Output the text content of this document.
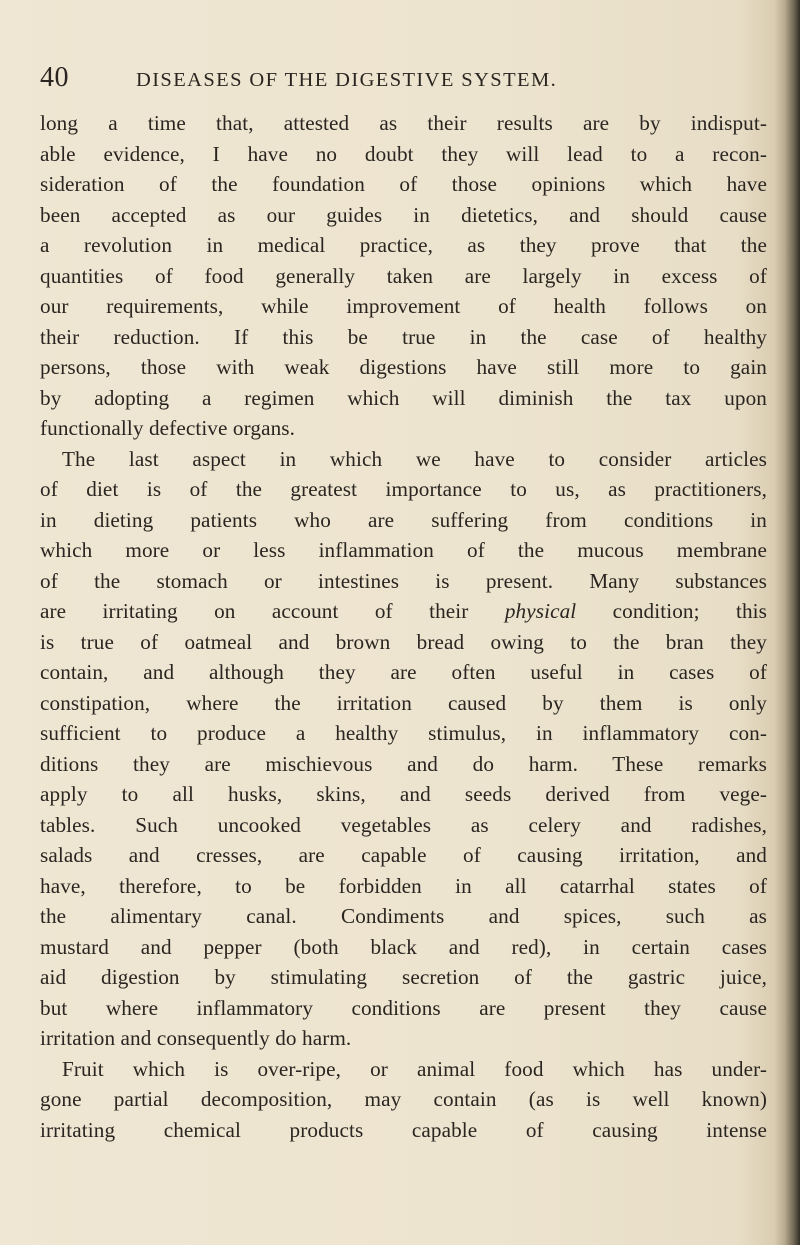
40	DISEASES OF THE DIGESTIVE SYSTEM.
long a time that, attested as their results are by indisput-
able evidence, I have no doubt they will lead to a recon-
sideration of the foundation of those opinions which have
been accepted as our guides in dietetics, and should cause
a revolution in medical practice, as they prove that the
quantities of food generally taken are largely in excess of
our requirements, while improvement of health follows on
their reduction. If this be true in the case of healthy
persons, those with weak digestions have still more to gain
by adopting a regimen which will diminish the tax upon
functionally defective organs.
The last aspect in which we have to consider articles
of diet is of the greatest importance to us, as practitioners,
in dieting patients who are suffering from conditions in
which more or less inflammation of the mucous membrane
of the stomach or intestines is present. Many substances
are irritating on account of their physical condition; this
is true of oatmeal and brown bread owing to the bran they
contain, and although they are often useful in cases of
constipation, where the irritation caused by them is only
sufficient to produce a healthy stimulus, in inflammatory con-
ditions they are mischievous and do harm. These remarks
apply to all husks, skins, and seeds derived from vege-
tables. Such uncooked vegetables as celery and radishes,
salads and cresses, are capable of causing irritation, and
have, therefore, to be forbidden in all catarrhal states of
the alimentary canal. Condiments and spices, such as
mustard and pepper (both black and red), in certain cases
aid digestion by stimulating secretion of the gastric juice,
but where inflammatory conditions are present they cause
irritation and consequently do harm.
Fruit which is over-ripe, or animal food which has under-
gone partial decomposition, may contain (as is well known)
irritating chemical products capable of causing intense
